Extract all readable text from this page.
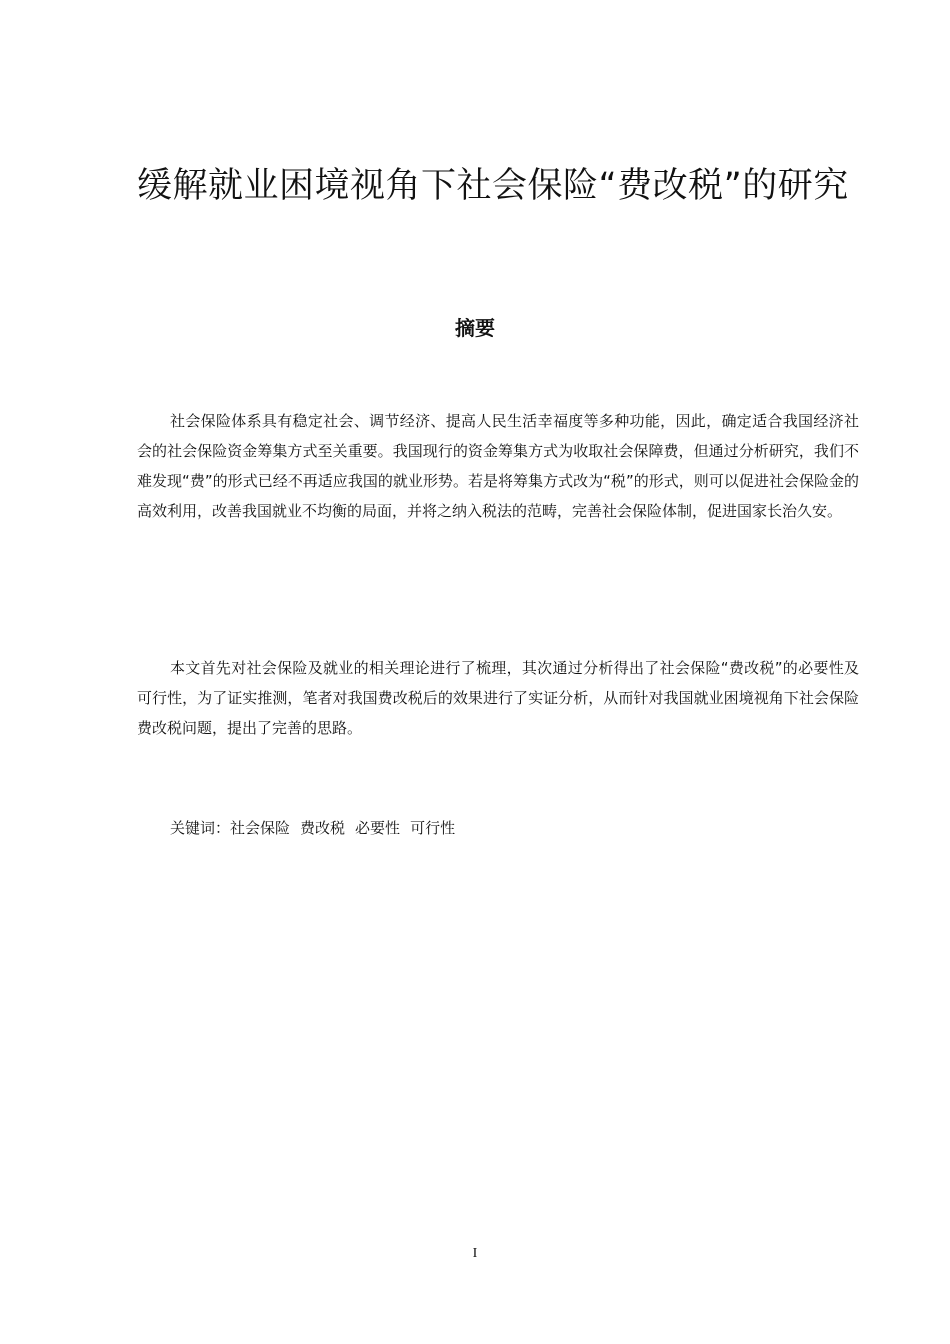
缓解就业困境视角下社会保险“费改税”的研究
摘要

社会保险体系具有稳定社会、调节经济、提高人民生活幸福度等多种功能，因此，确定适合我国经济社会的社会保险资金筹集方式至关重要。我国现行的资金筹集方式为收取社会保障费，但通过分析研究，我们不难发现“费”的形式已经不再适应我国的就业形势。若是将筹集方式改为“税”的形式，则可以促进社会保险金的高效利用，改善我国就业不均衡的局面，并将之纳入税法的范畴，完善社会保险体制，促进国家长治久安。

本文首先对社会保险及就业的相关理论进行了梳理，其次通过分析得出了社会保险“费改税”的必要性及可行性，为了证实推测，笔者对我国费改税后的效果进行了实证分析，从而针对我国就业困境视角下社会保险费改税问题，提出了完善的思路。

关键词：社会保险 费改税 必要性 可行性
I
